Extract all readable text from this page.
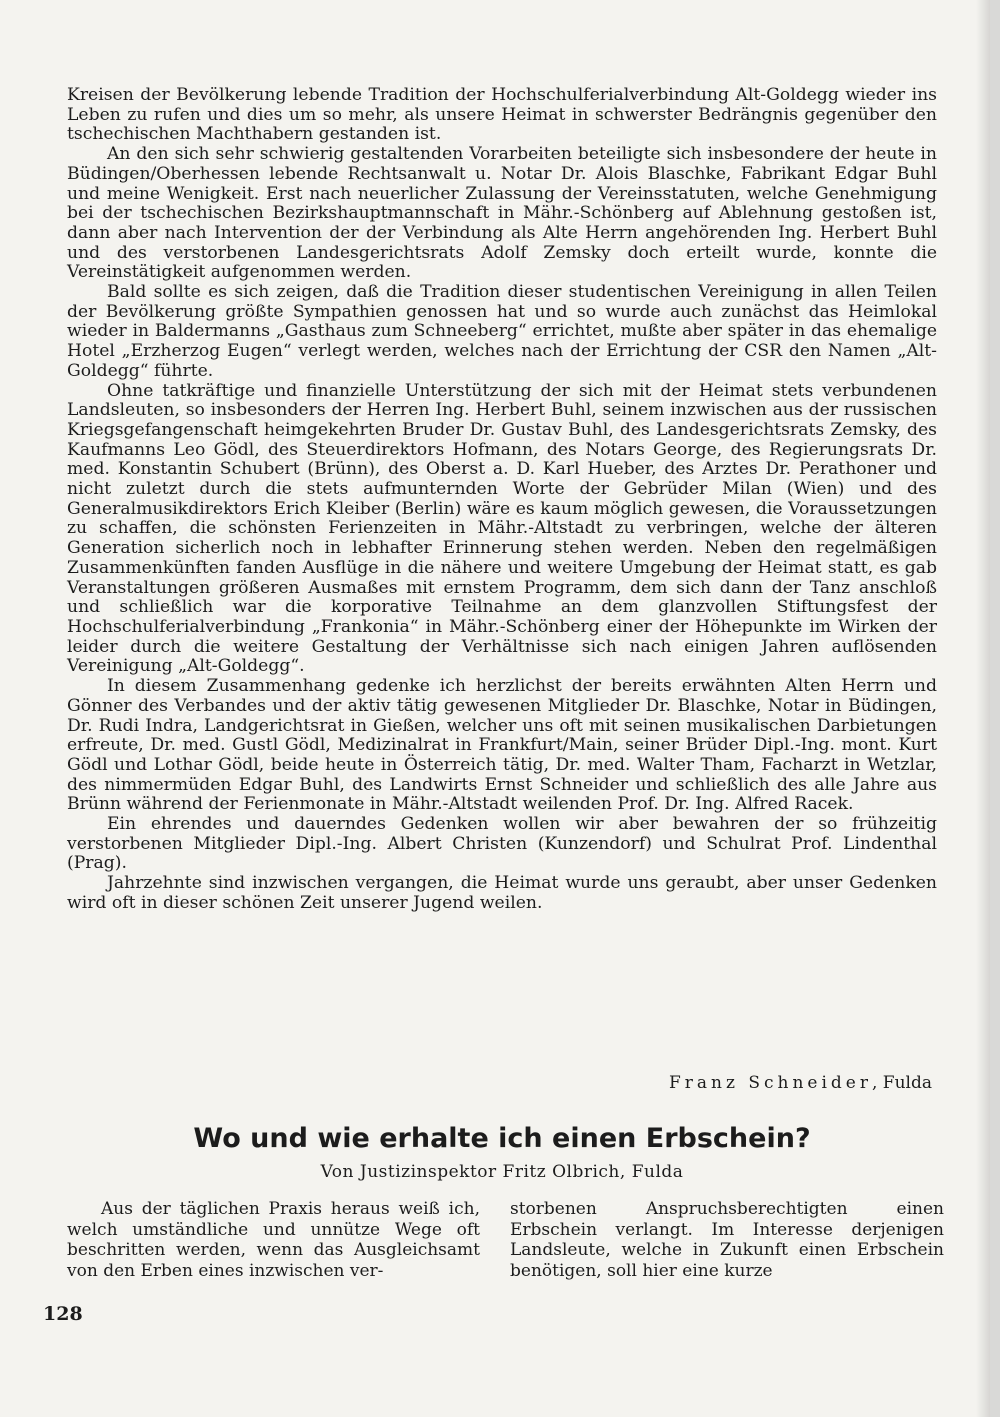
Kreisen der Bevölkerung lebende Tradition der Hochschulferialverbindung Alt-Goldegg wieder ins Leben zu rufen und dies um so mehr, als unsere Heimat in schwerster Bedrängnis gegenüber den tschechischen Machthabern gestanden ist.

An den sich sehr schwierig gestaltenden Vorarbeiten beteiligte sich insbesondere der heute in Büdingen/Oberhessen lebende Rechtsanwalt u. Notar Dr. Alois Blaschke, Fabrikant Edgar Buhl und meine Wenigkeit. Erst nach neuerlicher Zulassung der Vereinsstatuten, welche Genehmigung bei der tschechischen Bezirkshauptmannschaft in Mähr.-Schönberg auf Ablehnung gestoßen ist, dann aber nach Intervention der der Verbindung als Alte Herrn angehörenden Ing. Herbert Buhl und des verstorbenen Landesgerichtsrats Adolf Zemsky doch erteilt wurde, konnte die Vereinstätigkeit aufgenommen werden.

Bald sollte es sich zeigen, daß die Tradition dieser studentischen Vereinigung in allen Teilen der Bevölkerung größte Sympathien genossen hat und so wurde auch zunächst das Heimlokal wieder in Baldermanns „Gasthaus zum Schneeberg“ errichtet, mußte aber später in das ehemalige Hotel „Erzherzog Eugen“ verlegt werden, welches nach der Errichtung der CSR den Namen „Alt-Goldegg“ führte.

Ohne tatkräftige und finanzielle Unterstützung der sich mit der Heimat stets verbundenen Landsleuten, so insbesonders der Herren Ing. Herbert Buhl, seinem inzwischen aus der russischen Kriegsgefangenschaft heimgekehrten Bruder Dr. Gustav Buhl, des Landesgerichtsrats Zemsky, des Kaufmanns Leo Gödl, des Steuerdirektors Hofmann, des Notars George, des Regierungsrats Dr. med. Konstantin Schubert (Brünn), des Oberst a. D. Karl Hueber, des Arztes Dr. Perathoner und nicht zuletzt durch die stets aufmunternden Worte der Gebrüder Milan (Wien) und des Generalmusikdirektors Erich Kleiber (Berlin) wäre es kaum möglich gewesen, die Voraussetzungen zu schaffen, die schönsten Ferienzeiten in Mähr.-Altstadt zu verbringen, welche der älteren Generation sicherlich noch in lebhafter Erinnerung stehen werden. Neben den regelmäßigen Zusammenkünften fanden Ausflüge in die nähere und weitere Umgebung der Heimat statt, es gab Veranstaltungen größeren Ausmaßes mit ernstem Programm, dem sich dann der Tanz anschloß und schließlich war die korporative Teilnahme an dem glanzvollen Stiftungsfest der Hochschulferialverbindung „Frankonia“ in Mähr.-Schönberg einer der Höhepunkte im Wirken der leider durch die weitere Gestaltung der Verhältnisse sich nach einigen Jahren auflösenden Vereinigung „Alt-Goldegg“.

In diesem Zusammenhang gedenke ich herzlichst der bereits erwähnten Alten Herrn und Gönner des Verbandes und der aktiv tätig gewesenen Mitglieder Dr. Blaschke, Notar in Büdingen, Dr. Rudi Indra, Landgerichtsrat in Gießen, welcher uns oft mit seinen musikalischen Darbietungen erfreute, Dr. med. Gustl Gödl, Medizinalrat in Frankfurt/Main, seiner Brüder Dipl.-Ing. mont. Kurt Gödl und Lothar Gödl, beide heute in Österreich tätig, Dr. med. Walter Tham, Facharzt in Wetzlar, des nimmermüden Edgar Buhl, des Landwirts Ernst Schneider und schließlich des alle Jahre aus Brünn während der Ferienmonate in Mähr.-Altstadt weilenden Prof. Dr. Ing. Alfred Racek.

Ein ehrendes und dauerndes Gedenken wollen wir aber bewahren der so frühzeitig verstorbenen Mitglieder Dipl.-Ing. Albert Christen (Kunzendorf) und Schulrat Prof. Lindenthal (Prag).

Jahrzehnte sind inzwischen vergangen, die Heimat wurde uns geraubt, aber unser Gedenken wird oft in dieser schönen Zeit unserer Jugend weilen.

Franz Schneider, Fulda
Wo und wie erhalte ich einen Erbschein?
Von Justizinspektor Fritz Olbrich, Fulda

Aus der täglichen Praxis heraus weiß ich, welch umständliche und unnütze Wege oft beschritten werden, wenn das Ausgleichsamt von den Erben eines inzwischen ver-

storbenen Anspruchsberechtigten einen Erbschein verlangt. Im Interesse derjenigen Landsleute, welche in Zukunft einen Erbschein benötigen, soll hier eine kurze

128
